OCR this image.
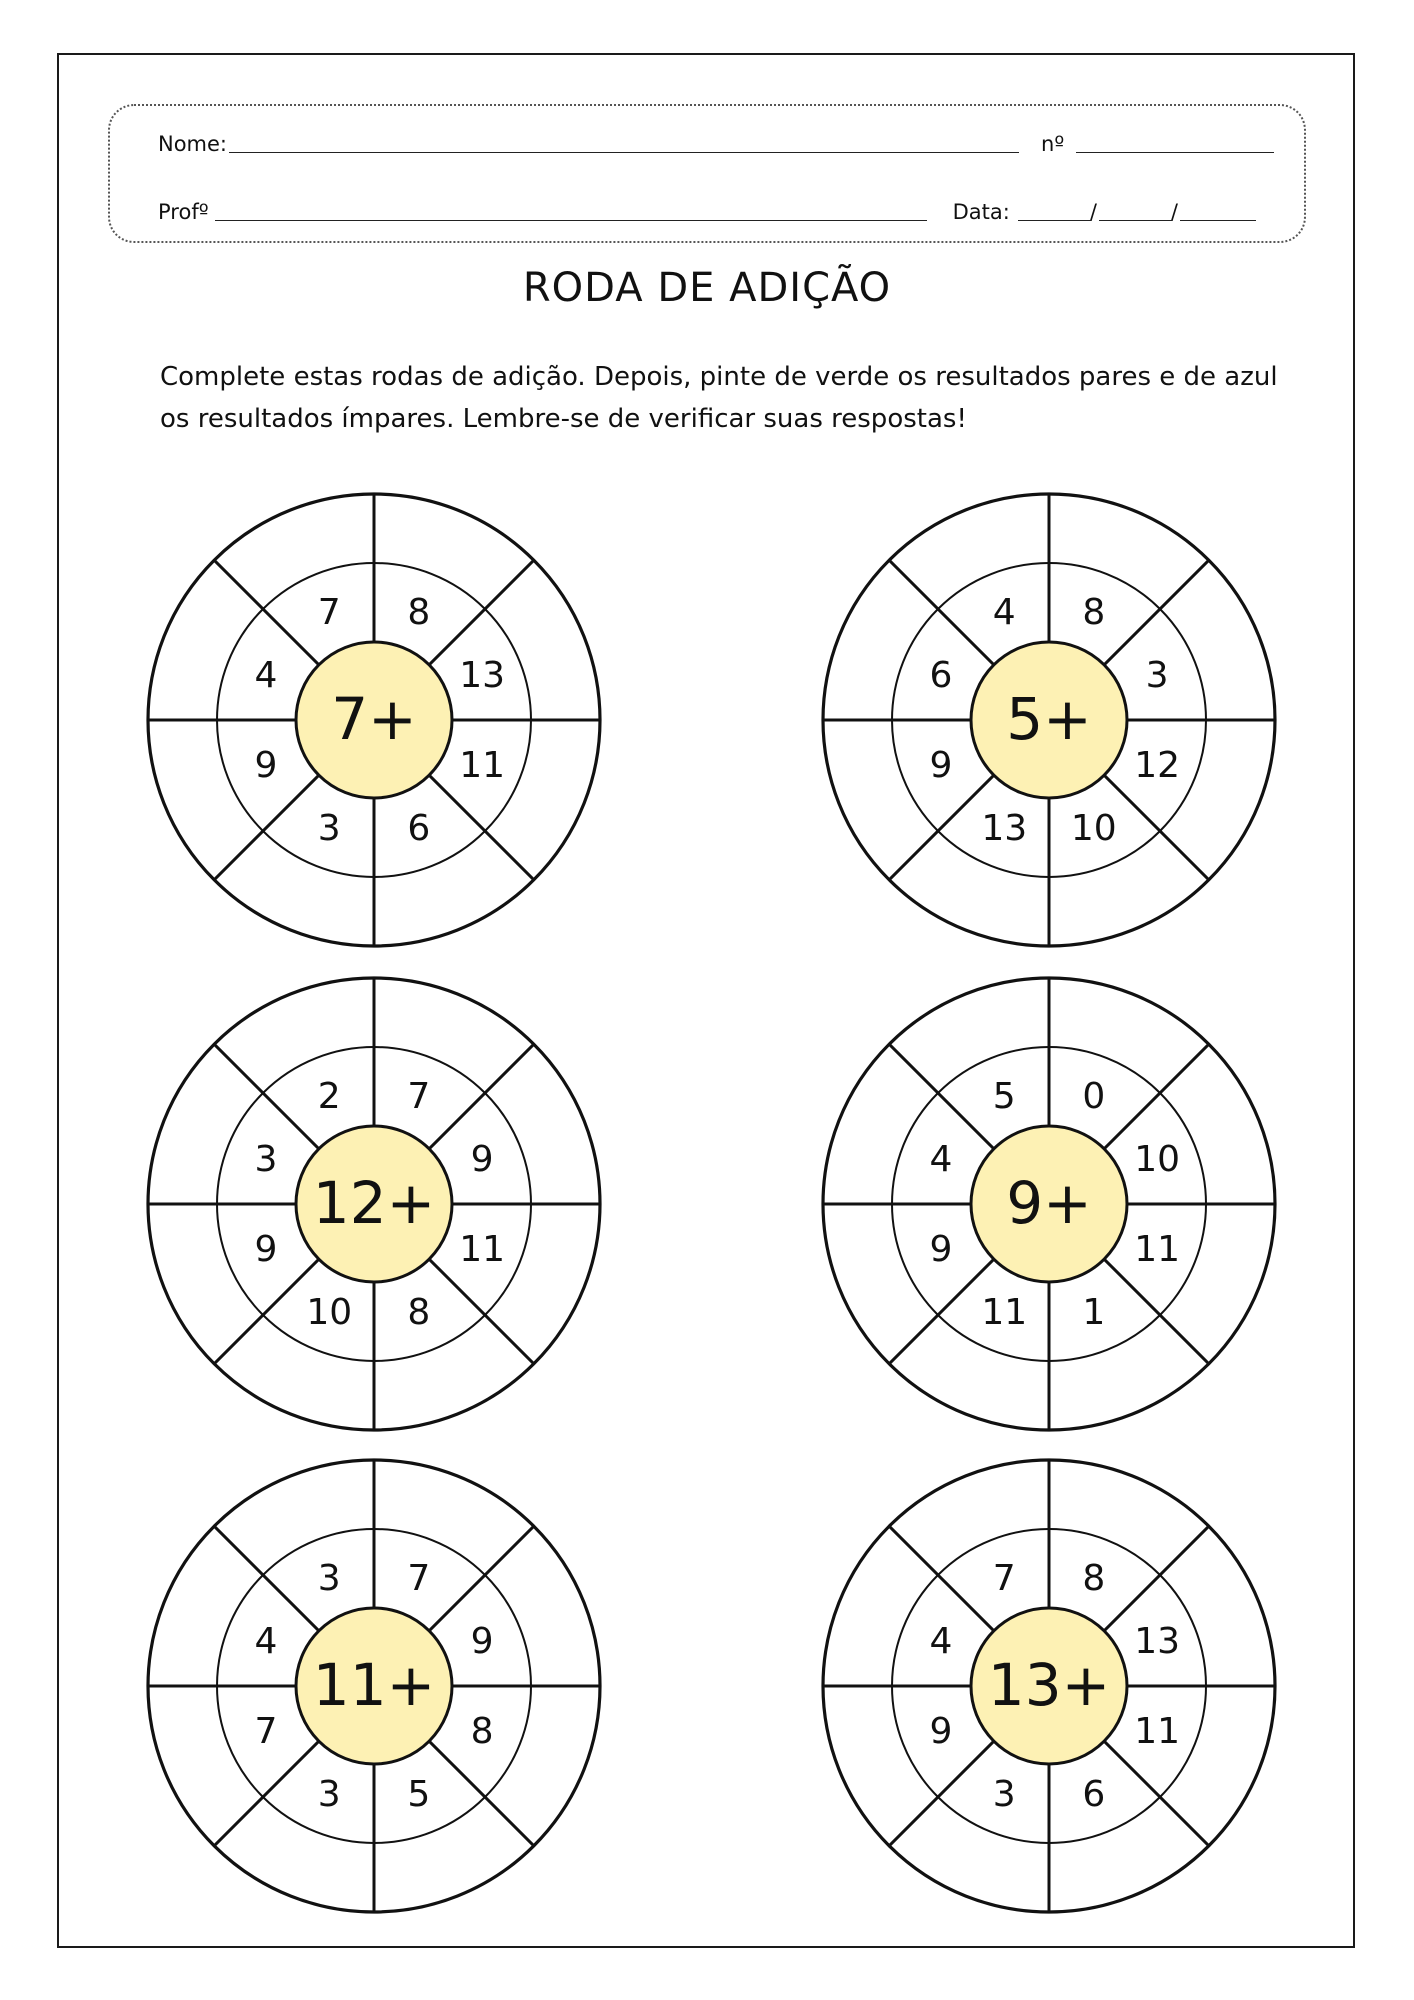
Nome:	nº
Profº	Data:	/	/
RODA DE ADIÇÃO
Complete estas rodas de adição. Depois, pinte de verde os resultados pares e de azul os resultados ímpares. Lembre-se de verificar suas respostas!
7+
8
13
11
6
3
9
4
7
5+
8
3
12
10
13
9
6
4
12+
7
9
11
8
10
9
3
2
9+
0
10
11
1
11
9
4
5
11+
7
9
8
5
3
7
4
3
13+
8
13
11
6
3
9
4
7
